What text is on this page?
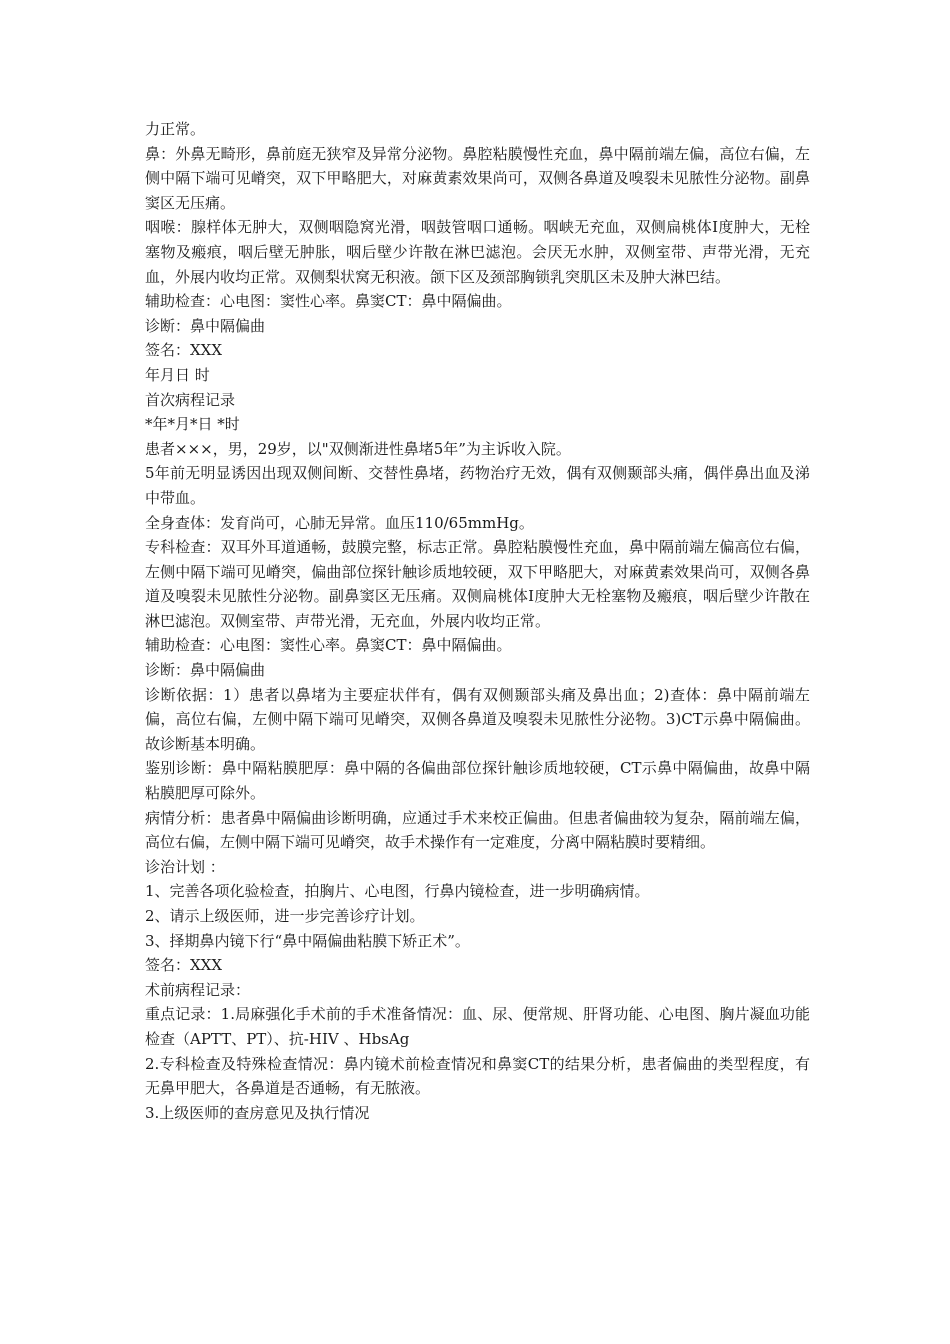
力正常。

鼻：外鼻无畸形，鼻前庭无狭窄及异常分泌物。鼻腔粘膜慢性充血，鼻中隔前端左偏，高位右偏，左侧中隔下端可见嵴突，双下甲略肥大，对麻黄素效果尚可，双侧各鼻道及嗅裂未见脓性分泌物。副鼻窦区无压痛。

咽喉：腺样体无肿大，双侧咽隐窝光滑，咽鼓管咽口通畅。咽峡无充血，双侧扁桃体Ⅰ度肿大，无栓塞物及瘢痕，咽后壁无肿胀，咽后壁少许散在淋巴滤泡。会厌无水肿，双侧室带、声带光滑，无充血，外展内收均正常。双侧梨状窝无积液。颌下区及颈部胸锁乳突肌区未及肿大淋巴结。

辅助检查：心电图：窦性心率。鼻窦CT：鼻中隔偏曲。

诊断：鼻中隔偏曲

签名：XXX

年月日 时

首次病程记录

*年*月*日 *时

患者×××，男，29岁，以"双侧渐进性鼻堵5年”为主诉收入院。

5年前无明显诱因出现双侧间断、交替性鼻堵，药物治疗无效，偶有双侧颞部头痛，偶伴鼻出血及涕中带血。

全身查体：发育尚可，心肺无异常。血压110/65mmHg。

专科检查：双耳外耳道通畅，鼓膜完整，标志正常。鼻腔粘膜慢性充血，鼻中隔前端左偏高位右偏，左侧中隔下端可见嵴突，偏曲部位探针触诊质地较硬，双下甲略肥大，对麻黄素效果尚可，双侧各鼻道及嗅裂未见脓性分泌物。副鼻窦区无压痛。双侧扁桃体Ⅰ度肿大无栓塞物及瘢痕，咽后壁少许散在淋巴滤泡。双侧室带、声带光滑，无充血，外展内收均正常。

辅助检查：心电图：窦性心率。鼻窦CT：鼻中隔偏曲。

诊断：鼻中隔偏曲

诊断依据：1）患者以鼻堵为主要症状伴有，偶有双侧颞部头痛及鼻出血；2)查体：鼻中隔前端左偏，高位右偏，左侧中隔下端可见嵴突，双侧各鼻道及嗅裂未见脓性分泌物。3)CT示鼻中隔偏曲。故诊断基本明确。

鉴别诊断：鼻中隔粘膜肥厚：鼻中隔的各偏曲部位探针触诊质地较硬，CT示鼻中隔偏曲，故鼻中隔粘膜肥厚可除外。

病情分析：患者鼻中隔偏曲诊断明确，应通过手术来校正偏曲。但患者偏曲较为复杂，隔前端左偏，高位右偏，左侧中隔下端可见嵴突，故手术操作有一定难度，分离中隔粘膜时要精细。

诊治计划 ：

1、完善各项化验检查，拍胸片、心电图，行鼻内镜检查，进一步明确病情。

2、请示上级医师，进一步完善诊疗计划。

3、择期鼻内镜下行“鼻中隔偏曲粘膜下矫正术”。

签名：XXX

术前病程记录：

重点记录：1.局麻强化手术前的手术准备情况：血、尿、便常规、肝肾功能、心电图、胸片凝血功能检查（APTT、PT）、抗-HIV 、HbsAg

2.专科检查及特殊检查情况：鼻内镜术前检查情况和鼻窦CT的结果分析，患者偏曲的类型程度，有无鼻甲肥大，各鼻道是否通畅，有无脓液。

3.上级医师的查房意见及执行情况
